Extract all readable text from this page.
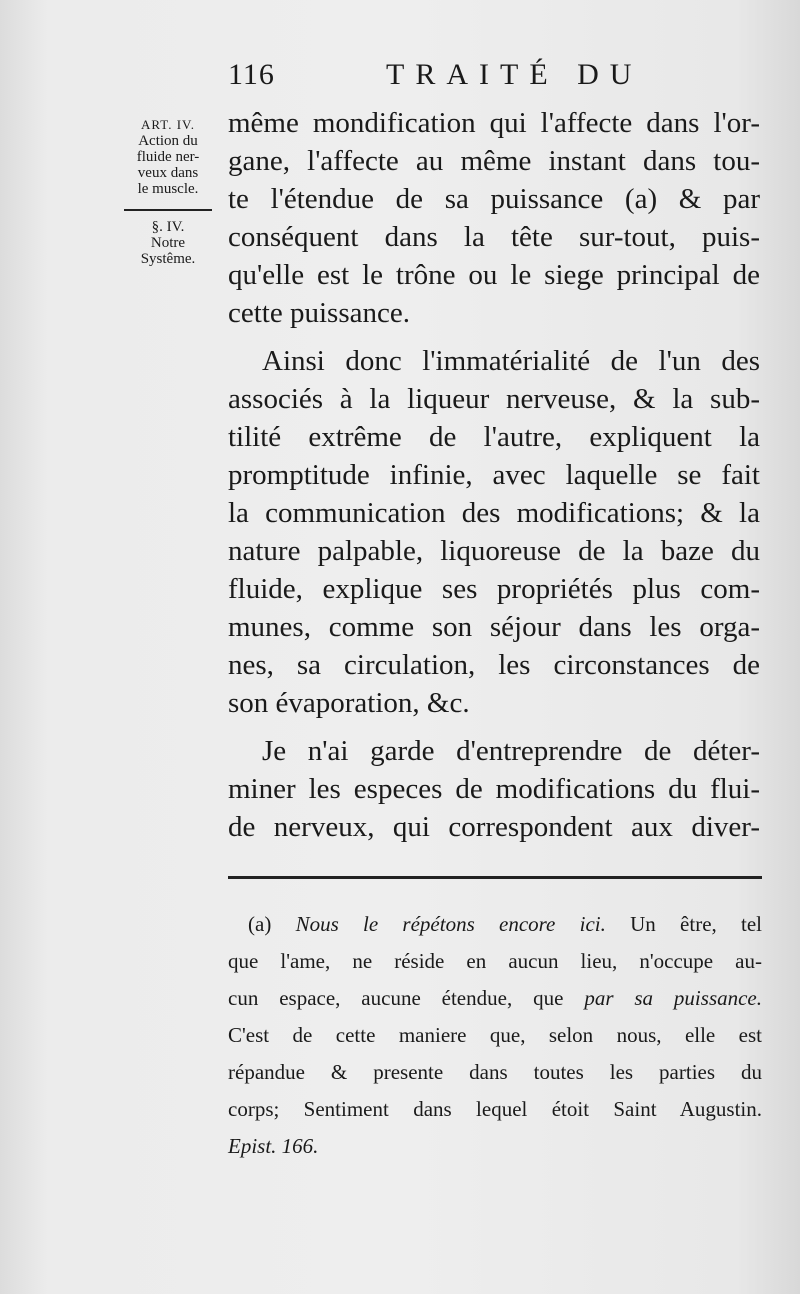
116	TRAITÉ DU
ART. IV.
Action du
fluide ner-
veux dans
le muscle.
§. IV.
Notre
Systême.

même mondification qui l'affecte dans l'or-
gane, l'affecte au même instant dans tou-
te l'étendue de sa puissance (a) & par
conséquent dans la tête sur-tout, puis-
qu'elle est le trône ou le siege principal de
cette puissance.

Ainsi donc l'immatérialité de l'un des
associés à la liqueur nerveuse, & la sub-
tilité extrême de l'autre, expliquent la
promptitude infinie, avec laquelle se fait
la communication des modifications; & la
nature palpable, liquoreuse de la baze du
fluide, explique ses propriétés plus com-
munes, comme son séjour dans les orga-
nes, sa circulation, les circonstances de
son évaporation, &c.

Je n'ai garde d'entreprendre de déter-
miner les especes de modifications du flui-
de nerveux, qui correspondent aux diver-

(a) Nous le répétons encore ici. Un être, tel
que l'ame, ne réside en aucun lieu, n'occupe au-
cun espace, aucune étendue, que par sa puissance.
C'est de cette maniere que, selon nous, elle est
répandue & presente dans toutes les parties du
corps; Sentiment dans lequel étoit Saint Augustin.
Epist. 166.
